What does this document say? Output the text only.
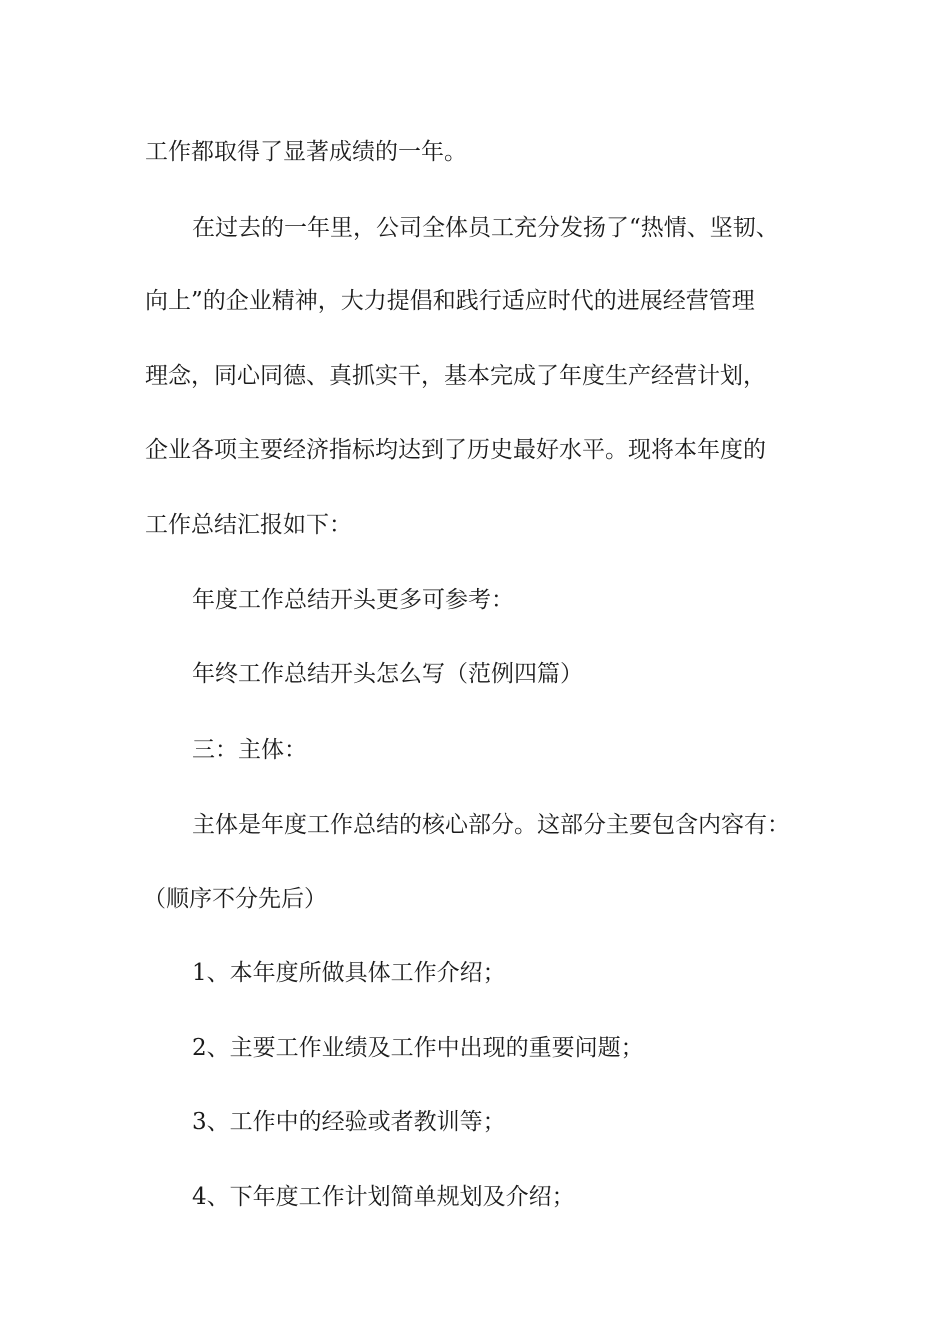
工作都取得了显著成绩的一年。

在过去的一年里，公司全体员工充分发扬了“热情、坚韧、

向上”的企业精神，大力提倡和践行适应时代的进展经营管理

理念，同心同德、真抓实干，基本完成了年度生产经营计划，

企业各项主要经济指标均达到了历史最好水平。现将本年度的

工作总结汇报如下：

年度工作总结开头更多可参考：

年终工作总结开头怎么写（范例四篇）

三：主体：

主体是年度工作总结的核心部分。这部分主要包含内容有：

（顺序不分先后）

1、本年度所做具体工作介绍；

2、主要工作业绩及工作中出现的重要问题；

3、工作中的经验或者教训等；

4、下年度工作计划简单规划及介绍；
